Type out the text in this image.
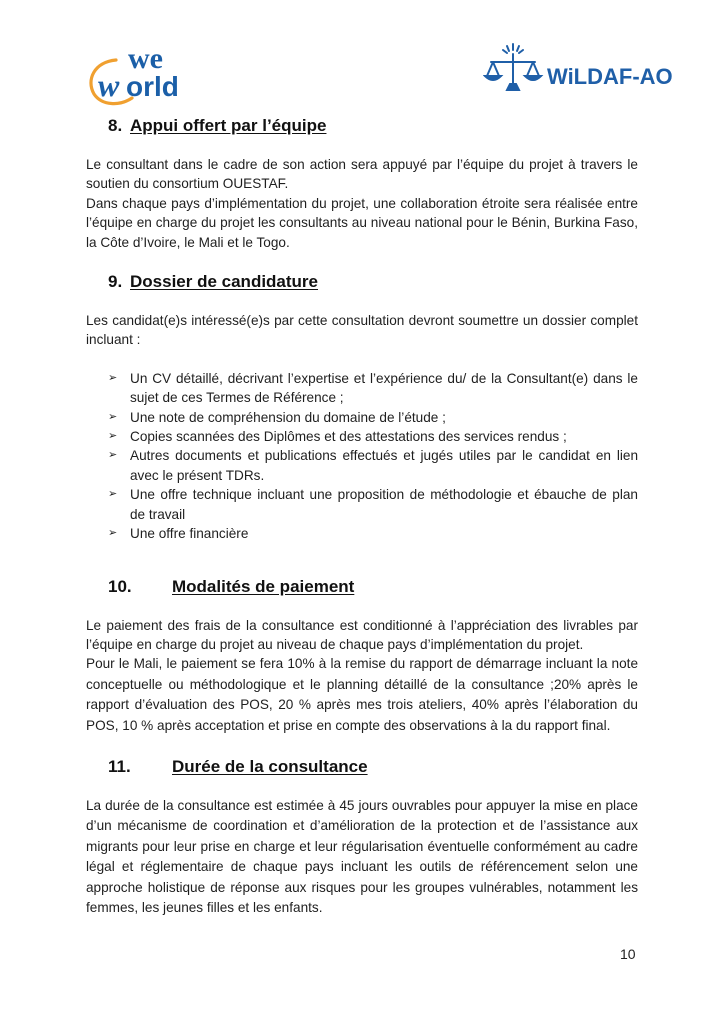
we
w orld	WiLDAF-AO
8. Appui offert par l’équipe

Le consultant dans le cadre de son action sera appuyé par l’équipe du projet à travers le soutien du consortium OUESTAF.

Dans chaque pays d’implémentation du projet, une collaboration étroite sera réalisée entre l’équipe en charge du projet les consultants au niveau national pour le Bénin, Burkina Faso, la Côte d’Ivoire, le Mali et le Togo.

9. Dossier de candidature

Les candidat(e)s intéressé(e)s par cette consultation devront soumettre un dossier complet incluant :

➢ Un CV détaillé, décrivant l’expertise et l’expérience du/ de la Consultant(e) dans le sujet de ces Termes de Référence ;
➢ Une note de compréhension du domaine de l’étude ;
➢ Copies scannées des Diplômes et des attestations des services rendus ;
➢ Autres documents et publications effectués et jugés utiles par le candidat en lien avec le présent TDRs.
➢ Une offre technique incluant une proposition de méthodologie et ébauche de plan de travail
➢ Une offre financière
10.	Modalités de paiement

Le paiement des frais de la consultance est conditionné à l’appréciation des livrables par l’équipe en charge du projet au niveau de chaque pays d’implémentation du projet.

Pour le Mali, le paiement se fera 10% à la remise du rapport de démarrage incluant la note conceptuelle ou méthodologique et le planning détaillé de la consultance ;20% après le rapport d’évaluation des POS, 20 % après mes trois ateliers, 40% après l’élaboration du POS, 10 % après acceptation et prise en compte des observations à la du rapport final.

11.	Durée de la consultance

La durée de la consultance est estimée à 45 jours ouvrables pour appuyer la mise en place d’un mécanisme de coordination et d’amélioration de la protection et de l’assistance aux migrants pour leur prise en charge et leur régularisation éventuelle conformément au cadre légal et réglementaire de chaque pays incluant les outils de référencement selon une approche holistique de réponse aux risques pour les groupes vulnérables, notamment les femmes, les jeunes filles et les enfants.

10
